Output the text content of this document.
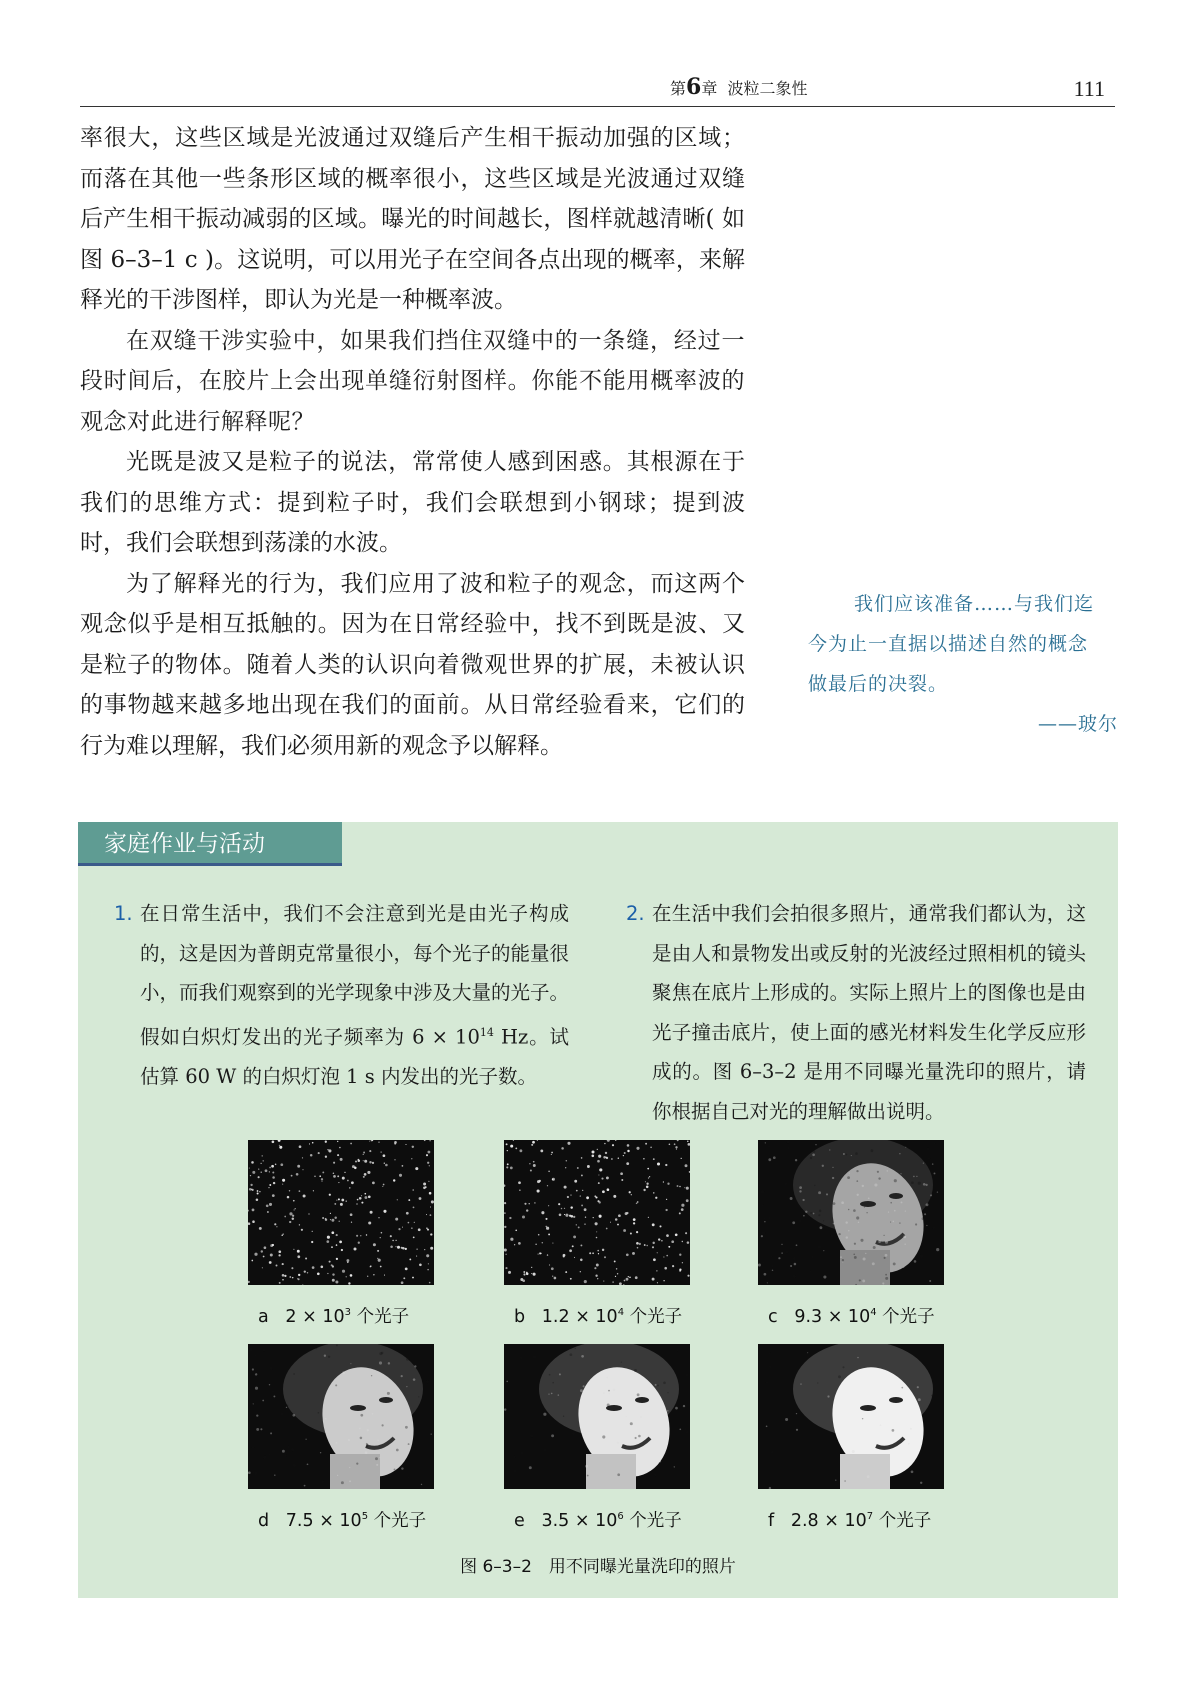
第6章 波粒二象性	111

率很大，这些区域是光波通过双缝后产生相干振动加强的区域；而落在其他一些条形区域的概率很小，这些区域是光波通过双缝后产生相干振动减弱的区域。曝光的时间越长，图样就越清晰( 如图 6–3–1 c )。这说明，可以用光子在空间各点出现的概率，来解释光的干涉图样，即认为光是一种概率波。

在双缝干涉实验中，如果我们挡住双缝中的一条缝，经过一段时间后，在胶片上会出现单缝衍射图样。你能不能用概率波的观念对此进行解释呢？

光既是波又是粒子的说法，常常使人感到困惑。其根源在于我们的思维方式：提到粒子时，我们会联想到小钢球；提到波时，我们会联想到荡漾的水波。

为了解释光的行为，我们应用了波和粒子的观念，而这两个观念似乎是相互抵触的。因为在日常经验中，找不到既是波、又是粒子的物体。随着人类的认识向着微观世界的扩展，未被认识的事物越来越多地出现在我们的面前。从日常经验看来，它们的行为难以理解，我们必须用新的观念予以解释。

我们应该准备……与我们迄
今为止一直据以描述自然的概念
做最后的决裂。
——玻尔
家庭作业与活动
1. 在日常生活中，我们不会注意到光是由光子构成的，这是因为普朗克常量很小，每个光子的能量很小，而我们观察到的光学现象中涉及大量的光子。假如白炽灯发出的光子频率为 $6 \times 10^{14}$ Hz。试估算 60 W 的白炽灯泡 1 s 内发出的光子数。
2. 在生活中我们会拍很多照片，通常我们都认为，这是由人和景物发出或反射的光波经过照相机的镜头聚焦在底片上形成的。实际上照片上的图像也是由光子撞击底片，使上面的感光材料发生化学反应形成的。图 6–3–2 是用不同曝光量洗印的照片，请你根据自己对光的理解做出说明。
a   $2 \times 10^3$ 个光子	b   $1.2 \times 10^4$ 个光子	c   $9.3 \times 10^4$ 个光子
d   $7.5 \times 10^5$ 个光子	e   $3.5 \times 10^6$ 个光子	f   $2.8 \times 10^7$ 个光子
图 6–3–2　用不同曝光量洗印的照片
